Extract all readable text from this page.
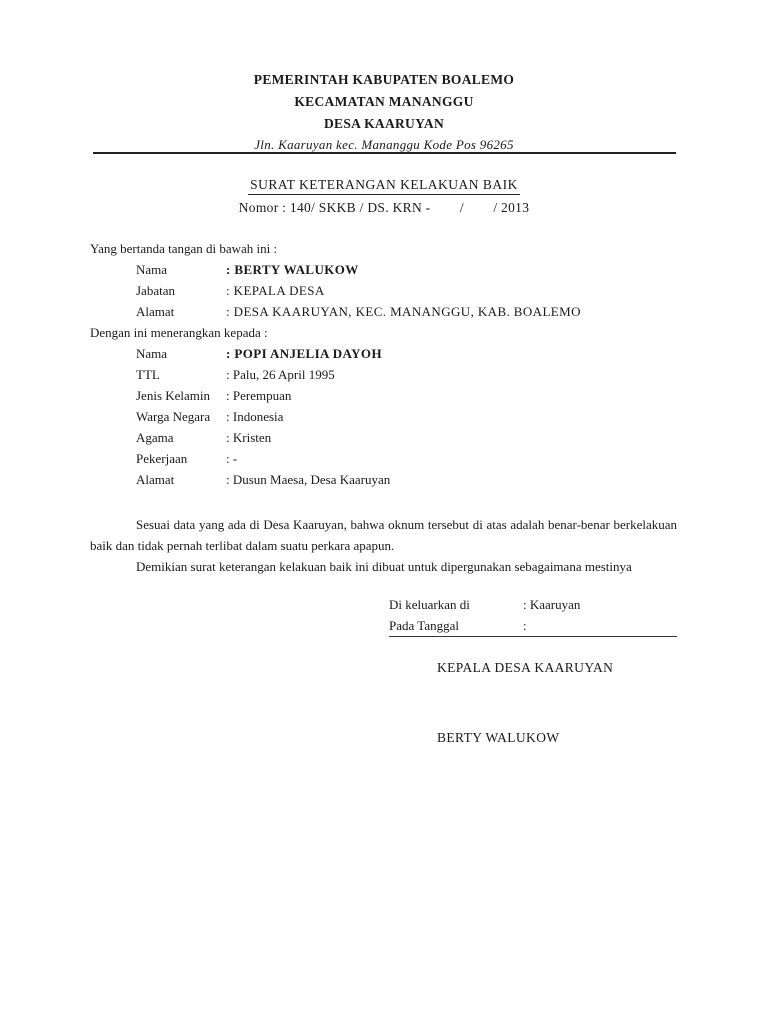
PEMERINTAH KABUPATEN BOALEMO
KECAMATAN MANANGGU
DESA KAARUYAN
Jln. Kaaruyan kec. Mananggu Kode Pos 96265
SURAT KETERANGAN KELAKUAN BAIK
Nomor : 140/ SKKB / DS. KRN -        /        / 2013
Yang bertanda tangan di bawah ini :
Nama	: BERTY WALUKOW
Jabatan	: KEPALA DESA
Alamat	: DESA KAARUYAN, KEC. MANANGGU, KAB. BOALEMO
Dengan ini menerangkan kepada :
Nama	: POPI ANJELIA DAYOH
TTL	: Palu, 26 April 1995
Jenis Kelamin : Perempuan
Warga Negara : Indonesia
Agama	: Kristen
Pekerjaan	: -
Alamat	: Dusun Maesa, Desa Kaaruyan
Sesuai data yang ada di Desa Kaaruyan, bahwa oknum tersebut di atas adalah benar-benar berkelakuan baik dan tidak pernah terlibat dalam suatu perkara apapun.
Demikian surat keterangan kelakuan baik ini dibuat untuk dipergunakan sebagaimana mestinya
Di keluarkan di	: Kaaruyan
Pada Tanggal	:
KEPALA DESA KAARUYAN
BERTY WALUKOW
